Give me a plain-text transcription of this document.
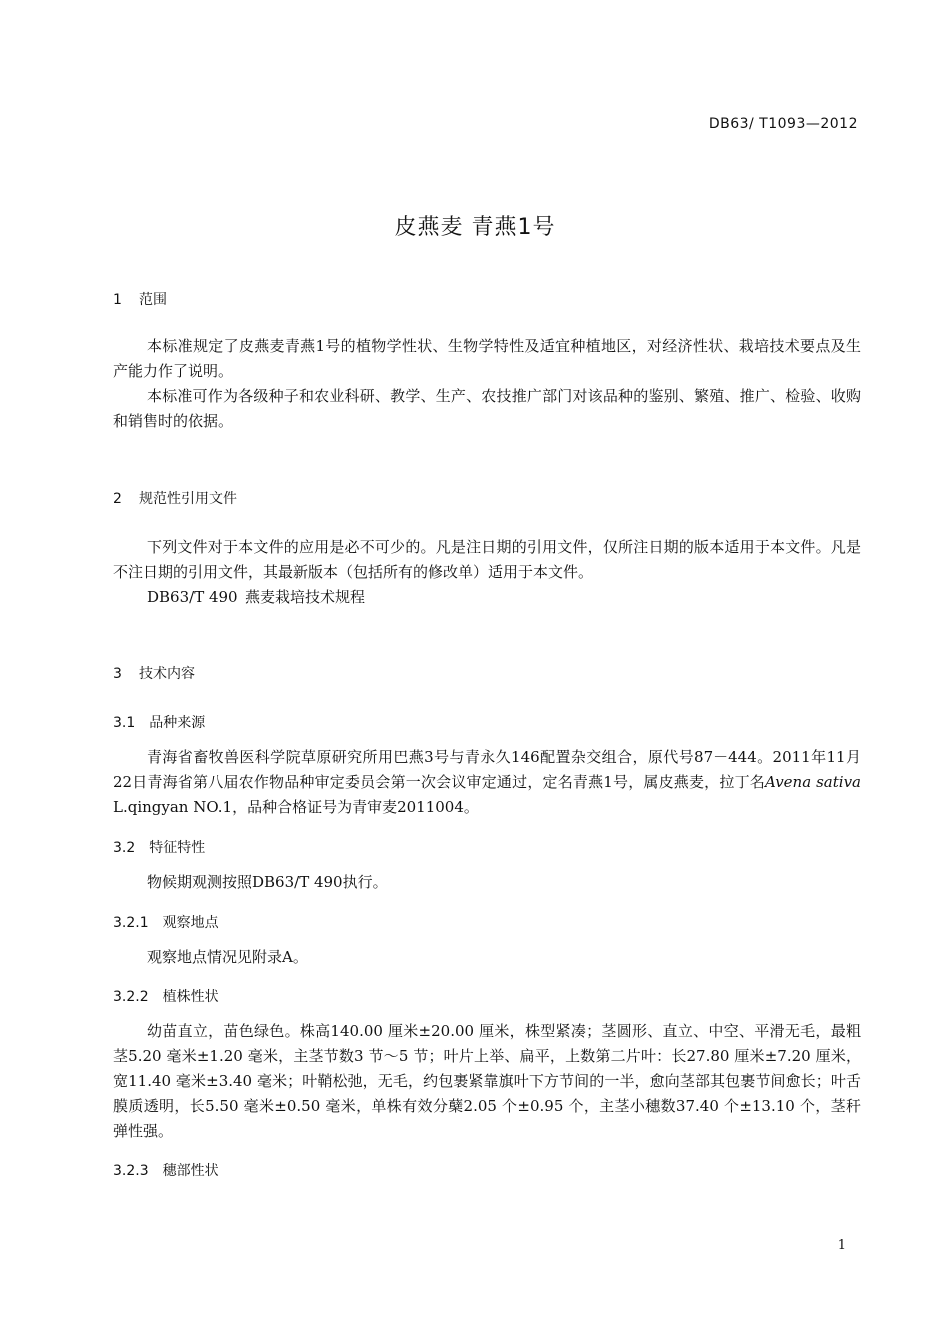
DB63/ T1093—2012
皮燕麦 青燕1号
1 范围

本标准规定了皮燕麦青燕1号的植物学性状、生物学特性及适宜种植地区，对经济性状、栽培技术要点及生产能力作了说明。

本标准可作为各级种子和农业科研、教学、生产、农技推广部门对该品种的鉴别、繁殖、推广、检验、收购和销售时的依据。

2 规范性引用文件

下列文件对于本文件的应用是必不可少的。凡是注日期的引用文件，仅所注日期的版本适用于本文件。凡是不注日期的引用文件，其最新版本（包括所有的修改单）适用于本文件。

DB63/T 490 燕麦栽培技术规程
3 技术内容
3.1 品种来源

青海省畜牧兽医科学院草原研究所用巴燕3号与青永久146配置杂交组合，原代号87－444。2011年11月22日青海省第八届农作物品种审定委员会第一次会议审定通过，定名青燕1号，属皮燕麦，拉丁名Avena sativa L.qingyan NO.1，品种合格证号为青审麦2011004。

3.2 特征特性
物候期观测按照DB63/T 490执行。
3.2.1 观察地点
观察地点情况见附录A。
3.2.2 植株性状

幼苗直立，苗色绿色。株高140.00 厘米±20.00 厘米，株型紧凑；茎圆形、直立、中空、平滑无毛，最粗茎5.20 毫米±1.20 毫米，主茎节数3 节～5 节；叶片上举、扁平，上数第二片叶：长27.80 厘米±7.20 厘米，宽11.40 毫米±3.40 毫米；叶鞘松弛，无毛，约包裹紧靠旗叶下方节间的一半，愈向茎部其包裹节间愈长；叶舌膜质透明，长5.50 毫米±0.50 毫米，单株有效分蘖2.05 个±0.95 个，主茎小穗数37.40 个±13.10 个，茎秆弹性强。

3.2.3 穗部性状
1
